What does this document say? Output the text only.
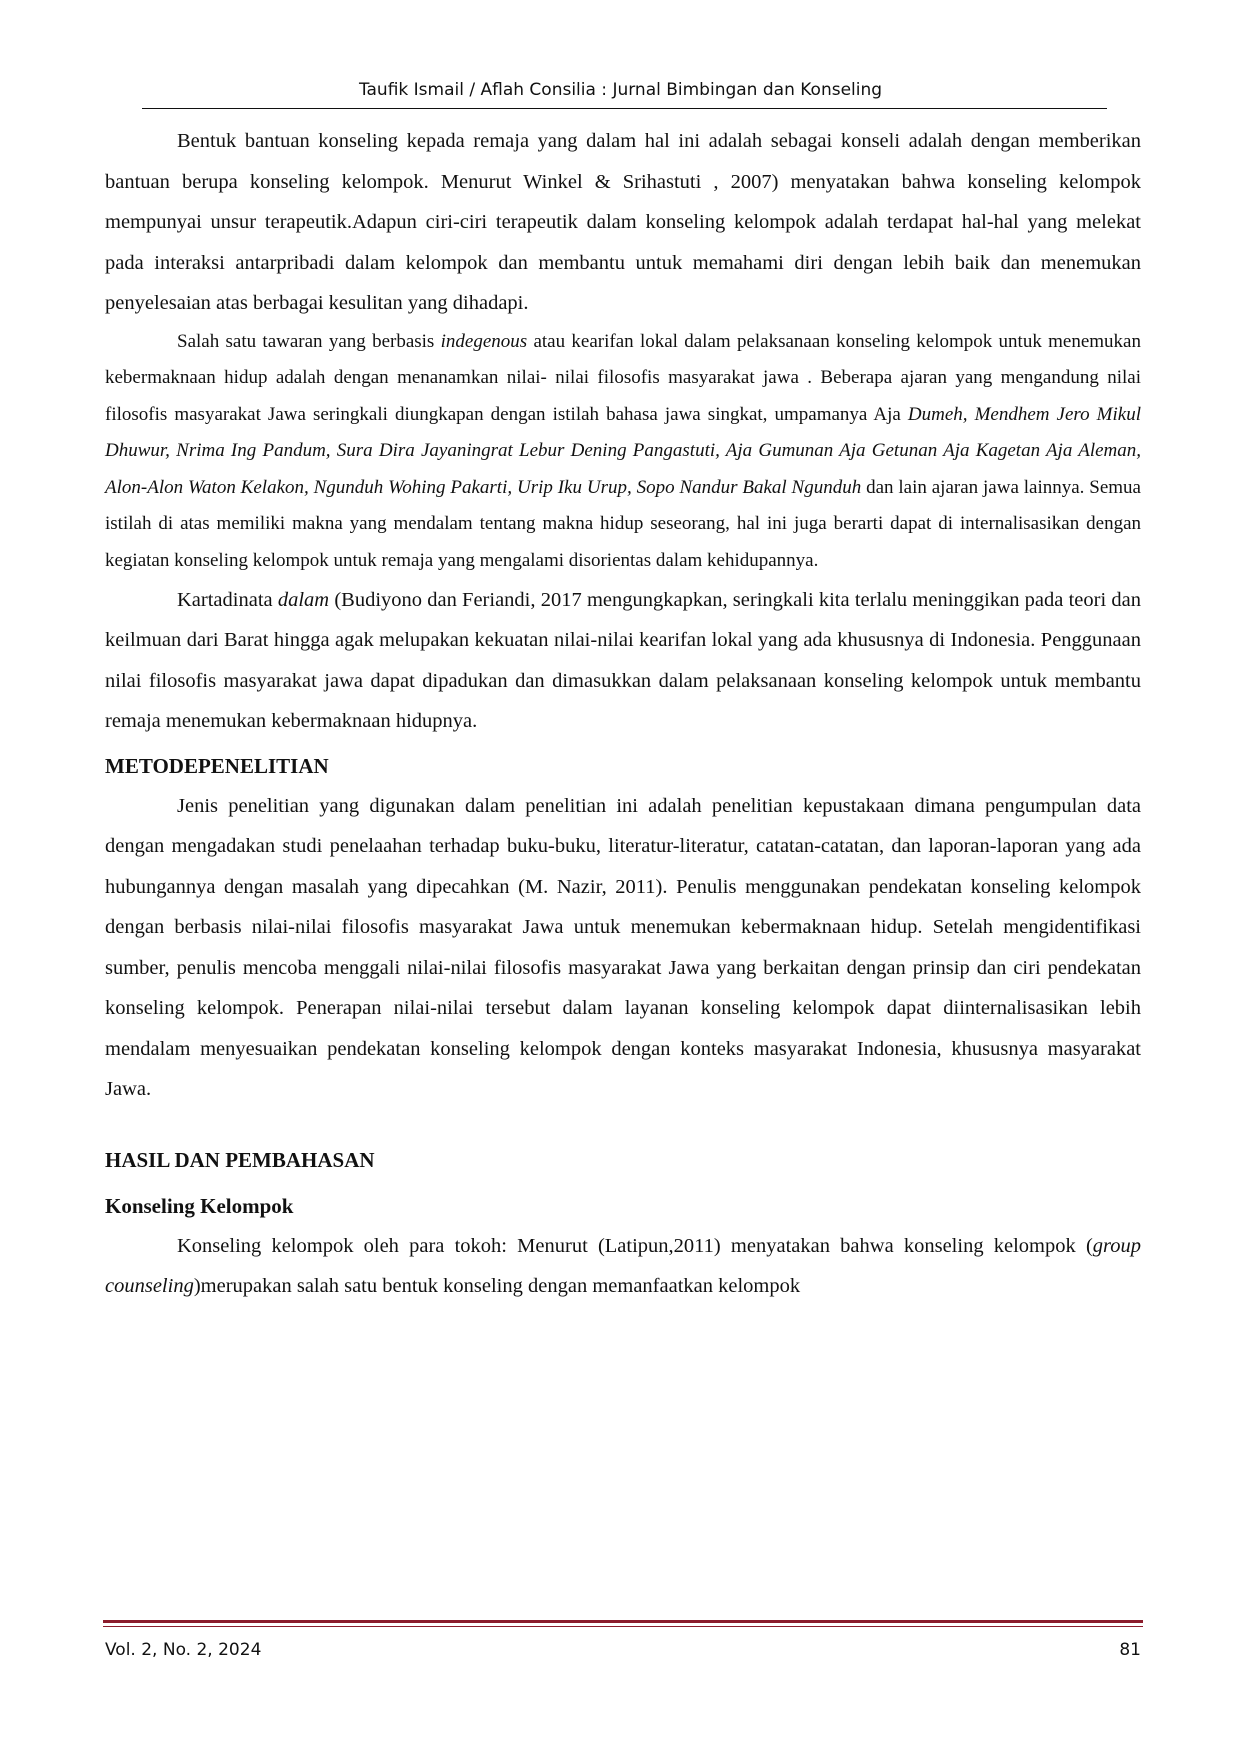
Taufik Ismail / Aflah Consilia : Jurnal Bimbingan dan Konseling

Bentuk bantuan konseling kepada remaja yang dalam hal ini adalah sebagai konseli adalah dengan memberikan bantuan berupa konseling kelompok. Menurut Winkel & Srihastuti , 2007) menyatakan bahwa konseling kelompok mempunyai unsur terapeutik.Adapun ciri-ciri terapeutik dalam konseling kelompok adalah terdapat hal-hal yang melekat pada interaksi antarpribadi dalam kelompok dan membantu untuk memahami diri dengan lebih baik dan menemukan penyelesaian atas berbagai kesulitan yang dihadapi.

Salah satu tawaran yang berbasis indegenous atau kearifan lokal dalam pelaksanaan konseling kelompok untuk menemukan kebermaknaan hidup adalah dengan menanamkan nilai- nilai filosofis masyarakat jawa . Beberapa ajaran yang mengandung nilai filosofis masyarakat Jawa seringkali diungkapan dengan istilah bahasa jawa singkat, umpamanya Aja Dumeh, Mendhem Jero Mikul Dhuwur, Nrima Ing Pandum, Sura Dira Jayaningrat Lebur Dening Pangastuti, Aja Gumunan Aja Getunan Aja Kagetan Aja Aleman, Alon-Alon Waton Kelakon, Ngunduh Wohing Pakarti, Urip Iku Urup, Sopo Nandur Bakal Ngunduh dan lain ajaran jawa lainnya. Semua istilah di atas memiliki makna yang mendalam tentang makna hidup seseorang, hal ini juga berarti dapat di internalisasikan dengan kegiatan konseling kelompok untuk remaja yang mengalami disorientas dalam kehidupannya.

Kartadinata dalam (Budiyono dan Feriandi, 2017 mengungkapkan, seringkali kita terlalu meninggikan pada teori dan keilmuan dari Barat hingga agak melupakan kekuatan nilai-nilai kearifan lokal yang ada khususnya di Indonesia. Penggunaan nilai filosofis masyarakat jawa dapat dipadukan dan dimasukkan dalam pelaksanaan konseling kelompok untuk membantu remaja menemukan kebermaknaan hidupnya.

METODEPENELITIAN

Jenis penelitian yang digunakan dalam penelitian ini adalah penelitian kepustakaan dimana pengumpulan data dengan mengadakan studi penelaahan terhadap buku-buku, literatur-literatur, catatan-catatan, dan laporan-laporan yang ada hubungannya dengan masalah yang dipecahkan (M. Nazir, 2011). Penulis menggunakan pendekatan konseling kelompok dengan berbasis nilai-nilai filosofis masyarakat Jawa untuk menemukan kebermaknaan hidup. Setelah mengidentifikasi sumber, penulis mencoba menggali nilai-nilai filosofis masyarakat Jawa yang berkaitan dengan prinsip dan ciri pendekatan konseling kelompok. Penerapan nilai-nilai tersebut dalam layanan konseling kelompok dapat diinternalisasikan lebih mendalam menyesuaikan pendekatan konseling kelompok dengan konteks masyarakat Indonesia, khususnya masyarakat Jawa.

HASIL DAN PEMBAHASAN
Konseling Kelompok

Konseling kelompok oleh para tokoh: Menurut (Latipun,2011) menyatakan bahwa konseling kelompok (group counseling)merupakan salah satu bentuk konseling dengan memanfaatkan kelompok

Vol. 2, No. 2, 2024	81
